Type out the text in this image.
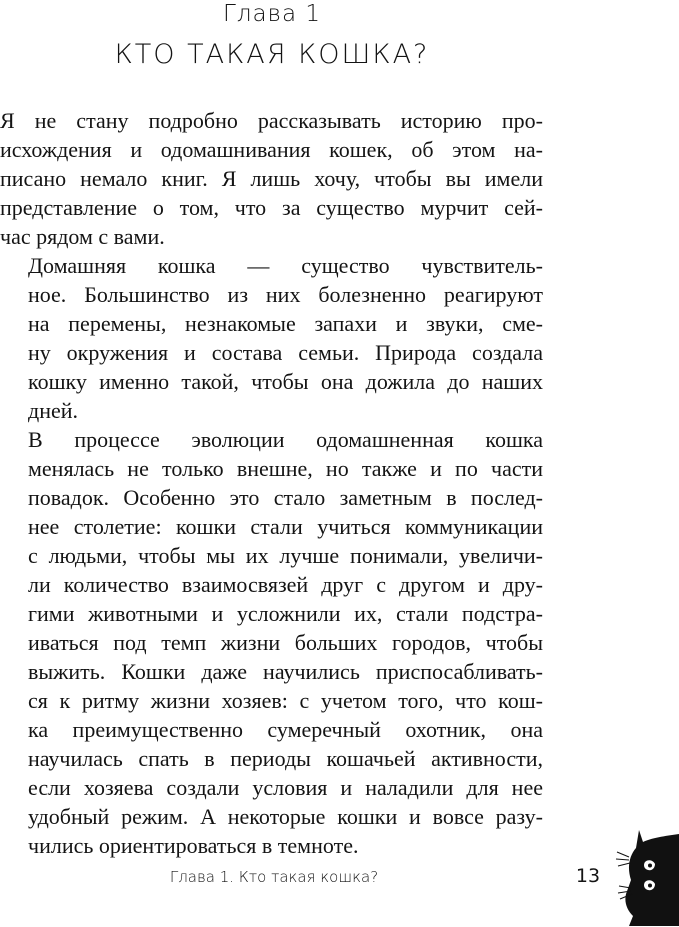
Глава 1
КТО ТАКАЯ КОШКА?

Я не стану подробно рассказывать историю про-
исхождения и одомашнивания кошек, об этом на-
писано немало книг. Я лишь хочу, чтобы вы имели
представление о том, что за существо мурчит сей-
час рядом с вами.

Домашняя кошка — существо чувствитель-
ное. Большинство из них болезненно реагируют
на перемены, незнакомые запахи и звуки, сме-
ну окружения и состава семьи. Природа создала
кошку именно такой, чтобы она дожила до наших
дней.

В процессе эволюции одомашненная кошка
менялась не только внешне, но также и по части
повадок. Особенно это стало заметным в послед-
нее столетие: кошки стали учиться коммуникации
с людьми, чтобы мы их лучше понимали, увеличи-
ли количество взаимосвязей друг с другом и дру-
гими животными и усложнили их, стали подстра-
иваться под темп жизни больших городов, чтобы
выжить. Кошки даже научились приспосабливать-
ся к ритму жизни хозяев: с учетом того, что кош-
ка преимущественно сумеречный охотник, она
научилась спать в периоды кошачьей активности,
если хозяева создали условия и наладили для нее
удобный режим. А некоторые кошки и вовсе разу-
чились ориентироваться в темноте.

Глава 1. Кто такая кошка?	13
